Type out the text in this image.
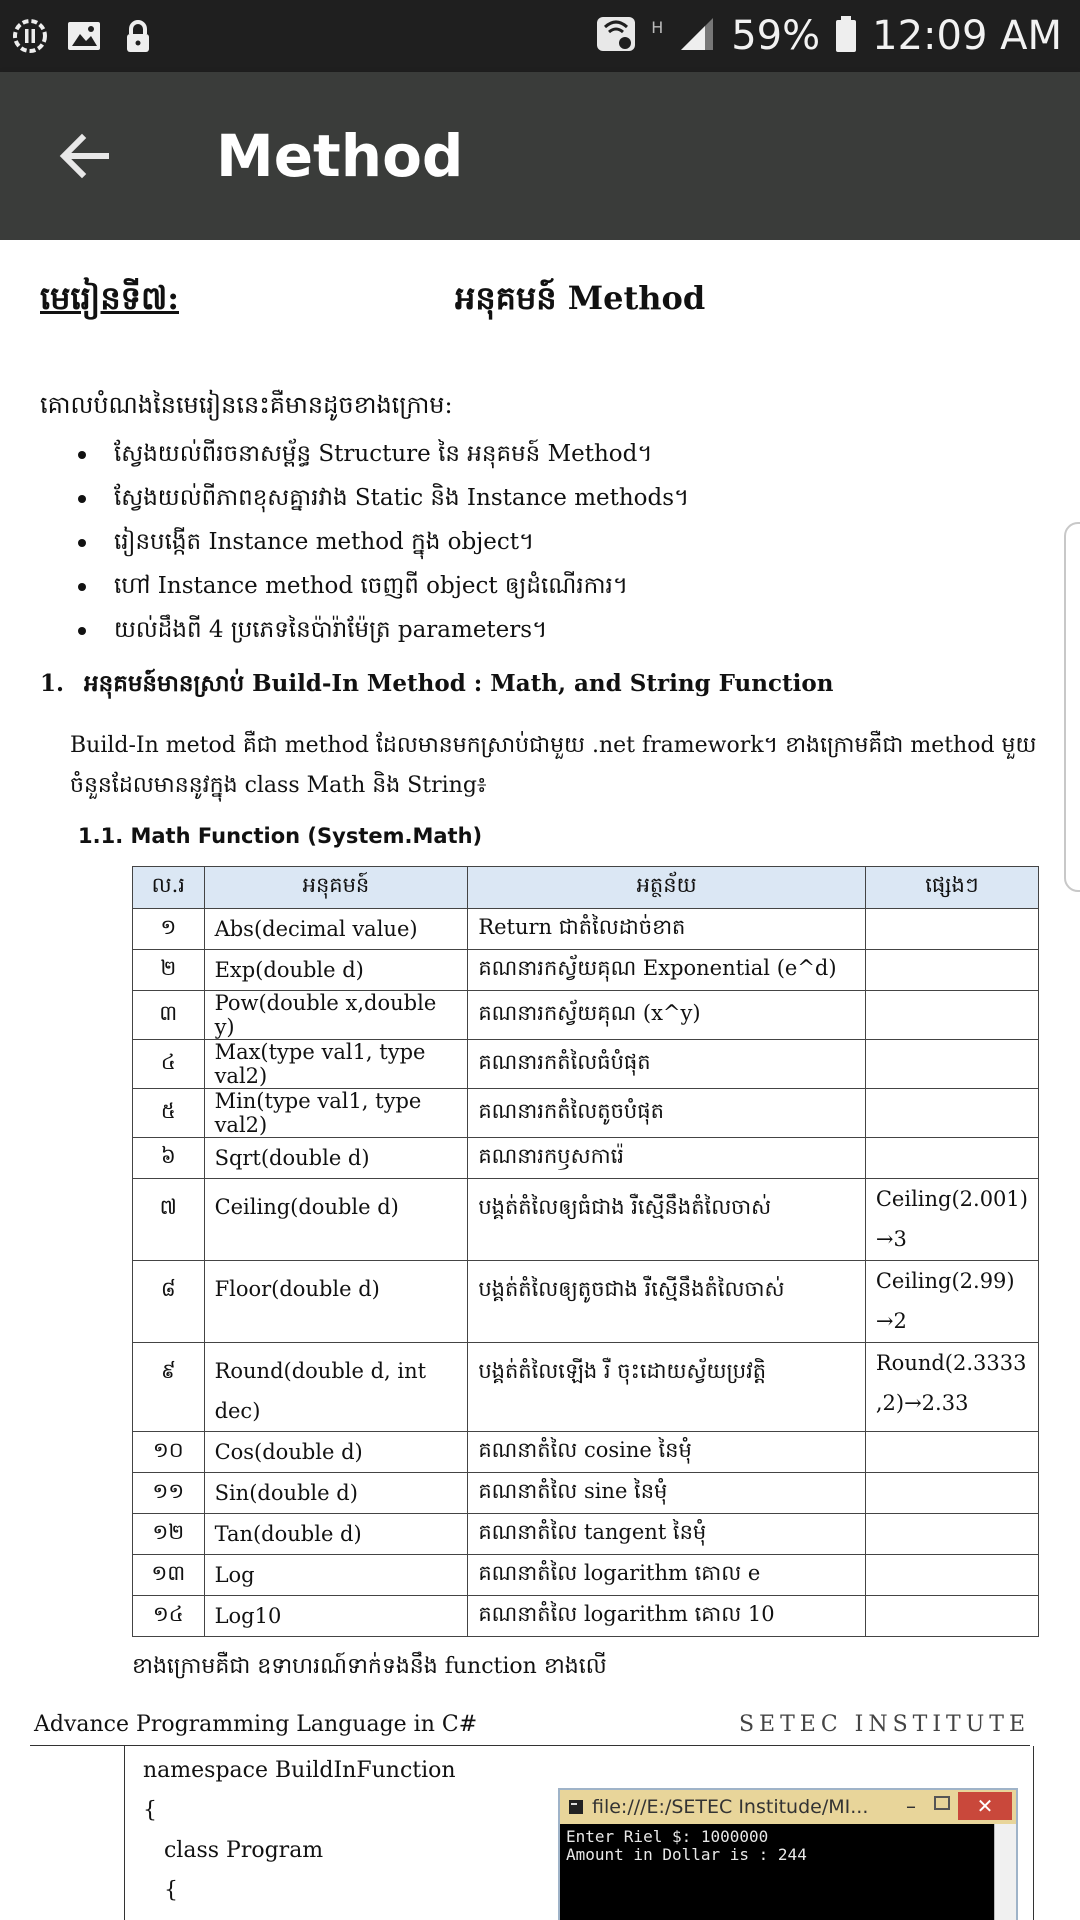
H 59% 12:09 AM
Method
មេរៀនទី៧:	អនុគមន៍ Method
គោលបំណងនៃមេរៀននេះគឺមានដូចខាងក្រោម:
ស្វែងយល់ពីរចនាសម្ព័ន្ធ Structure នៃ អនុគមន៍ Method។
ស្វែងយល់ពីភាពខុសគ្នារវាង Static និង Instance methods។
រៀនបង្កើត Instance method ក្នុង object។
ហៅ Instance method ចេញពី object ឲ្យដំណើរការ។
យល់ដឹងពី 4 ប្រភេទនៃប៉ារ៉ាម៉ែត្រ parameters។
1. អនុគមន៍មានស្រាប់ Build-In Method : Math, and String Function
Build-In metod គឺជា method ដែលមានមកស្រាប់ជាមួយ .net framework។ ខាងក្រោមគឺជា method មួយចំនួនដែលមាននូវក្នុង class Math និង String៖
1.1. Math Function (System.Math)
ល.រ	អនុគមន៍	អត្ថន័យ	ផ្សេងៗ
១	Abs(decimal value)	Return ជាតំលៃដាច់ខាត	
២	Exp(double d)	គណនារកស្វ័យគុណ Exponential (e^d)	
៣	Pow(double x,double y)	គណនារកស្វ័យគុណ (x^y)	
៤	Max(type val1, type val2)	គណនារកតំលៃធំបំផុត	
៥	Min(type val1, type val2)	គណនារកតំលៃតូចបំផុត	
៦	Sqrt(double d)	គណនារកឫសការ៉េ	
៧	Ceiling(double d)	បង្គត់តំលៃឲ្យធំជាង រឺស្មើនឹងតំលៃចាស់	Ceiling(2.001) →3
៨	Floor(double d)	បង្គត់តំលៃឲ្យតូចជាង រឺស្មើនឹងតំលៃចាស់	Ceiling(2.99) →2
៩	Round(double d, int dec)	បង្គត់តំលៃឡើង រឺ ចុះដោយស្វ័យប្រវត្តិ	Round(2.3333 ,2)→2.33
១០	Cos(double d)	គណនាតំលៃ cosine នៃមុំ	
១១	Sin(double d)	គណនាតំលៃ sine នៃមុំ	
១២	Tan(double d)	គណនាតំលៃ tangent នៃមុំ	
១៣	Log	គណនាតំលៃ logarithm គោល e	
១៤	Log10	គណនាតំលៃ logarithm គោល 10	
ខាងក្រោមគឺជា ឧទាហរណ៍ទាក់ទងនឹង function ខាងលើ
Advance Programming Language in C#	SETEC INSTITUTE
namespace BuildInFunction
{
class Program
{
file:///E:/SETEC Institude/MI... –	✕
Enter Riel $: 1000000
Amount in Dollar is : 244
